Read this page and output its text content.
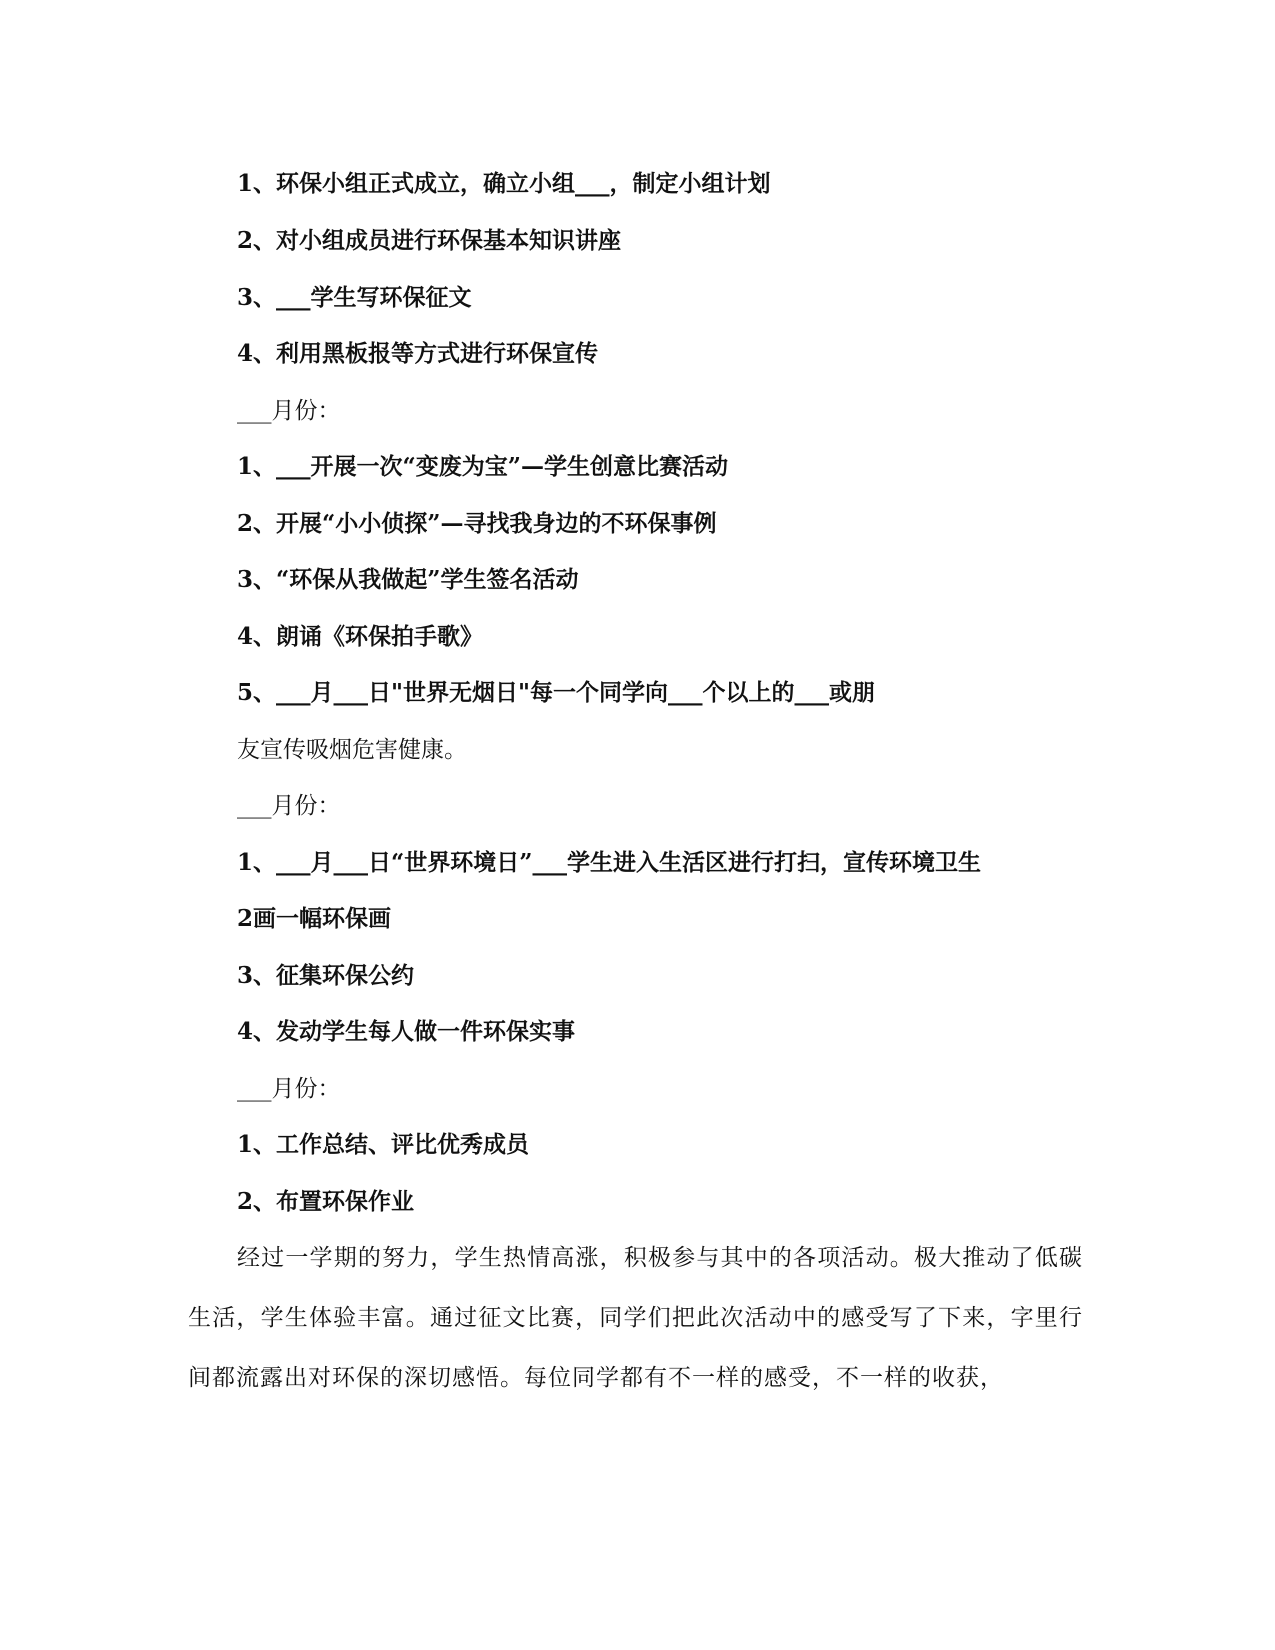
1、环保小组正式成立，确立小组___，制定小组计划
2、对小组成员进行环保基本知识讲座
3、___学生写环保征文
4、利用黑板报等方式进行环保宣传
___月份：
1、___开展一次“变废为宝”—学生创意比赛活动
2、开展“小小侦探”—寻找我身边的不环保事例
3、“环保从我做起”学生签名活动
4、朗诵《环保拍手歌》
5、___月___日"世界无烟日"每一个同学向___个以上的___或朋
友宣传吸烟危害健康。
___月份：
1、___月___日“世界环境日”___学生进入生活区进行打扫，宣传环境卫生
2画一幅环保画
3、征集环保公约
4、发动学生每人做一件环保实事
___月份：
1、工作总结、评比优秀成员
2、布置环保作业
经过一学期的努力，学生热情高涨，积极参与其中的各项活动。极大推动了低碳生活，学生体验丰富。通过征文比赛，同学们把此次活动中的感受写了下来，字里行间都流露出对环保的深切感悟。每位同学都有不一样的感受，不一样的收获，
